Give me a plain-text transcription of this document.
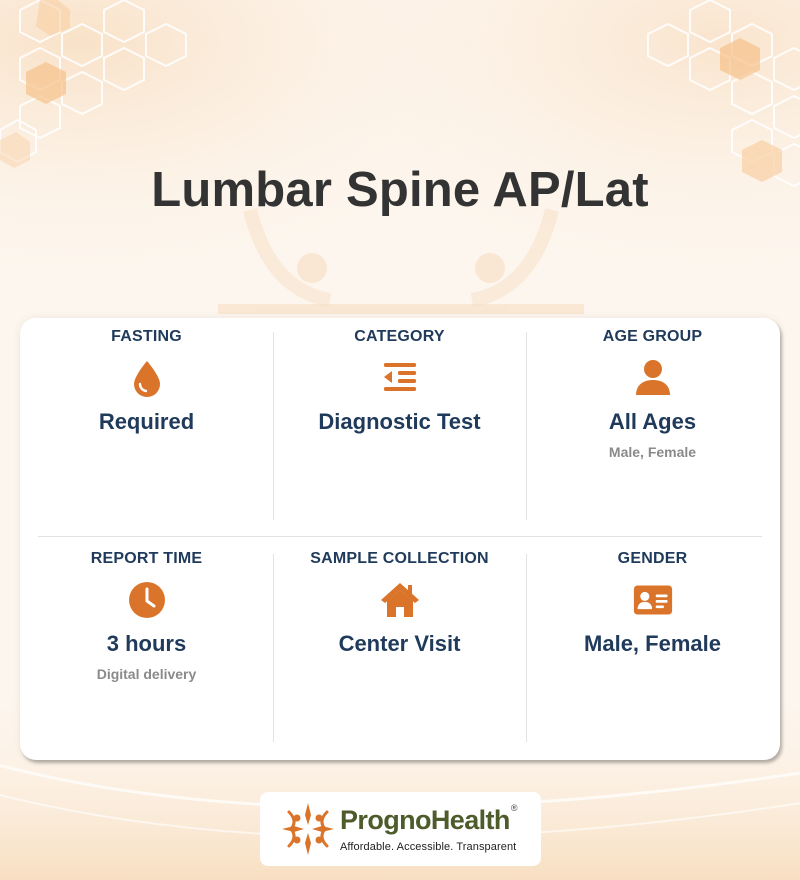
Lumbar Spine AP/Lat
FASTING
Required
CATEGORY
Diagnostic Test
AGE GROUP
All Ages
Male, Female
REPORT TIME
3 hours
Digital delivery
SAMPLE COLLECTION
Center Visit
GENDER
Male, Female
PrognoHealth®
Affordable. Accessible. Transparent
